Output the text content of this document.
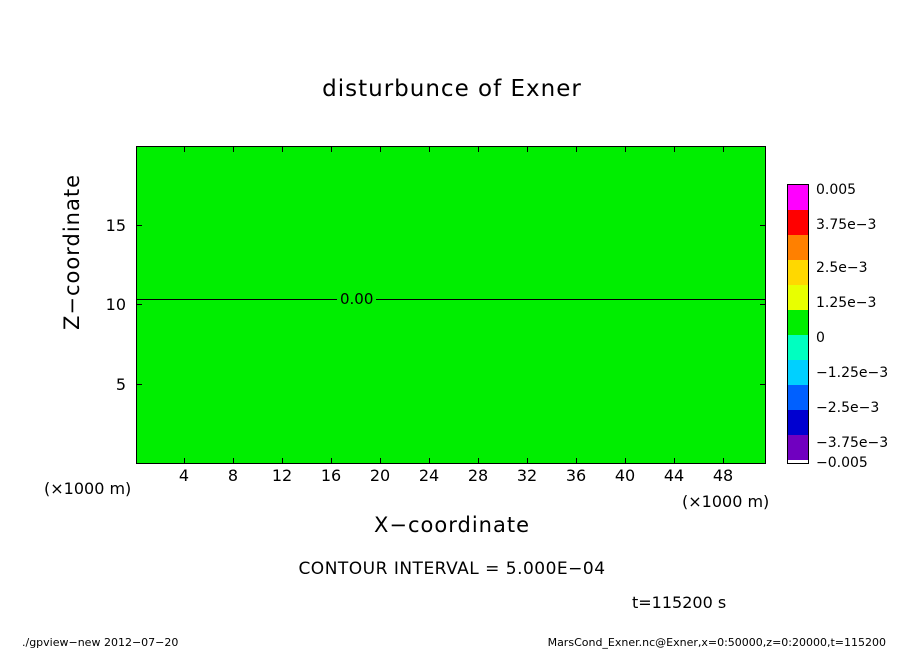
disturbunce of Exner
0.00
4	8	12	16	20	24	28	32	36	40	44	48
5
10
15
X−coordinate
Z−coordinate
(×1000 m)
(×1000 m)
0.005
3.75e−3
2.5e−3
1.25e−3
0
−1.25e−3
−2.5e−3
−3.75e−3
−0.005
CONTOUR INTERVAL = 5.000E−04
t=115200 s
./gpview−new 2012−07−20	MarsCond_Exner.nc@Exner,x=0:50000,z=0:20000,t=115200
